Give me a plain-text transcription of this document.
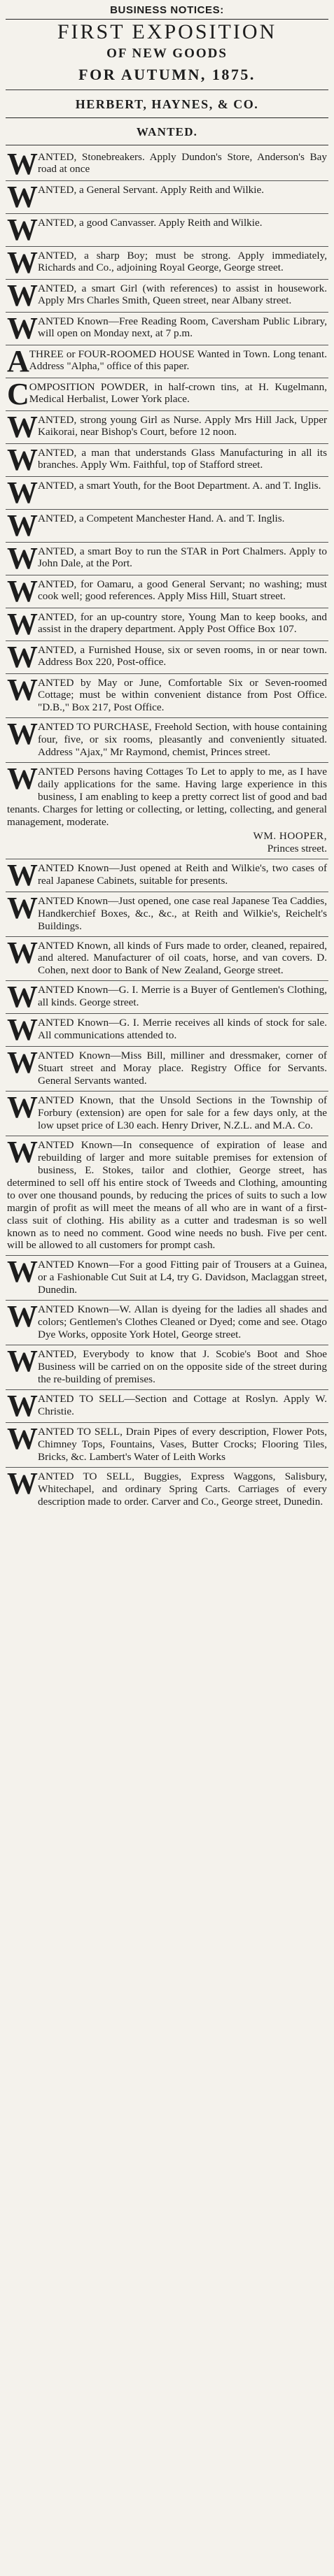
BUSINESS NOTICES:
FIRST EXPOSITION
OF NEW GOODS
FOR AUTUMN, 1875.
HERBERT, HAYNES, & CO.
WANTED.
WANTED, Stonebreakers. Apply Dundon's Store, Anderson's Bay road at once
WANTED, a General Servant. Apply Reith and Wilkie.
WANTED, a good Canvasser. Apply Reith and Wilkie.
WANTED, a sharp Boy; must be strong. Apply immediately, Richards and Co., adjoining Royal George, George street.
WANTED, a smart Girl (with references) to assist in housework. Apply Mrs Charles Smith, Queen street, near Albany street.
WANTED Known—Free Reading Room, Caversham Public Library, will open on Monday next, at 7 p.m.
ATHREE or FOUR-ROOMED HOUSE Wanted in Town. Long tenant. Address "Alpha," office of this paper.
COMPOSITION POWDER, in half-crown tins, at H. Kugelmann, Medical Herbalist, Lower York place.
WANTED, strong young Girl as Nurse. Apply Mrs Hill Jack, Upper Kaikorai, near Bishop's Court, before 12 noon.
WANTED, a man that understands Glass Manufacturing in all its branches. Apply Wm. Faithful, top of Stafford street.
WANTED, a smart Youth, for the Boot Department. A. and T. Inglis.
WANTED, a Competent Manchester Hand. A. and T. Inglis.
WANTED, a smart Boy to run the STAR in Port Chalmers. Apply to John Dale, at the Port.
WANTED, for Oamaru, a good General Servant; no washing; must cook well; good references. Apply Miss Hill, Stuart street.
WANTED, for an up-country store, Young Man to keep books, and assist in the drapery department. Apply Post Office Box 107.
WANTED, a Furnished House, six or seven rooms, in or near town. Address Box 220, Post-office.
WANTED by May or June, Comfortable Six or Seven-roomed Cottage; must be within convenient distance from Post Office. "D.B.," Box 217, Post Office.
WANTED TO PURCHASE, Freehold Section, with house containing four, five, or six rooms, pleasantly and conveniently situated. Address "Ajax," Mr Raymond, chemist, Princes street.
WANTED Persons having Cottages To Let to apply to me, as I have daily applications for the same. Having large experience in this business, I am enabling to keep a pretty correct list of good and bad tenants. Charges for letting or collecting, or letting, collecting, and general management, moderate.
WM. HOOPER,
Princes street.
WANTED Known—Just opened at Reith and Wilkie's, two cases of real Japanese Cabinets, suitable for presents.
WANTED Known—Just opened, one case real Japanese Tea Caddies, Handkerchief Boxes, &c., &c., at Reith and Wilkie's, Reichelt's Buildings.
WANTED Known, all kinds of Furs made to order, cleaned, repaired, and altered. Manufacturer of oil coats, horse, and van covers. D. Cohen, next door to Bank of New Zealand, George street.
WANTED Known—G. I. Merrie is a Buyer of Gentlemen's Clothing, all kinds. George street.
WANTED Known—G. I. Merrie receives all kinds of stock for sale. All communications attended to.
WANTED Known—Miss Bill, milliner and dressmaker, corner of Stuart street and Moray place. Registry Office for Servants. General Servants wanted.
WANTED Known, that the Unsold Sections in the Township of Forbury (extension) are open for sale for a few days only, at the low upset price of L30 each. Henry Driver, N.Z.L. and M.A. Co.
WANTED Known—In consequence of expiration of lease and rebuilding of larger and more suitable premises for extension of business, E. Stokes, tailor and clothier, George street, has determined to sell off his entire stock of Tweeds and Clothing, amounting to over one thousand pounds, by reducing the prices of suits to such a low margin of profit as will meet the means of all who are in want of a first-class suit of clothing. His ability as a cutter and tradesman is so well known as to need no comment. Good wine needs no bush. Five per cent. will be allowed to all customers for prompt cash.
WANTED Known—For a good Fitting pair of Trousers at a Guinea, or a Fashionable Cut Suit at L4, try G. Davidson, Maclaggan street, Dunedin.
WANTED Known—W. Allan is dyeing for the ladies all shades and colors; Gentlemen's Clothes Cleaned or Dyed; come and see. Otago Dye Works, opposite York Hotel, George street.
WANTED, Everybody to know that J. Scobie's Boot and Shoe Business will be carried on on the opposite side of the street during the re-building of premises.
WANTED TO SELL—Section and Cottage at Roslyn. Apply W. Christie.
WANTED TO SELL, Drain Pipes of every description, Flower Pots, Chimney Tops, Fountains, Vases, Butter Crocks; Flooring Tiles, Bricks, &c. Lambert's Water of Leith Works
WANTED TO SELL, Buggies, Express Waggons, Salisbury, Whitechapel, and ordinary Spring Carts. Carriages of every description made to order. Carver and Co., George street, Dunedin.
